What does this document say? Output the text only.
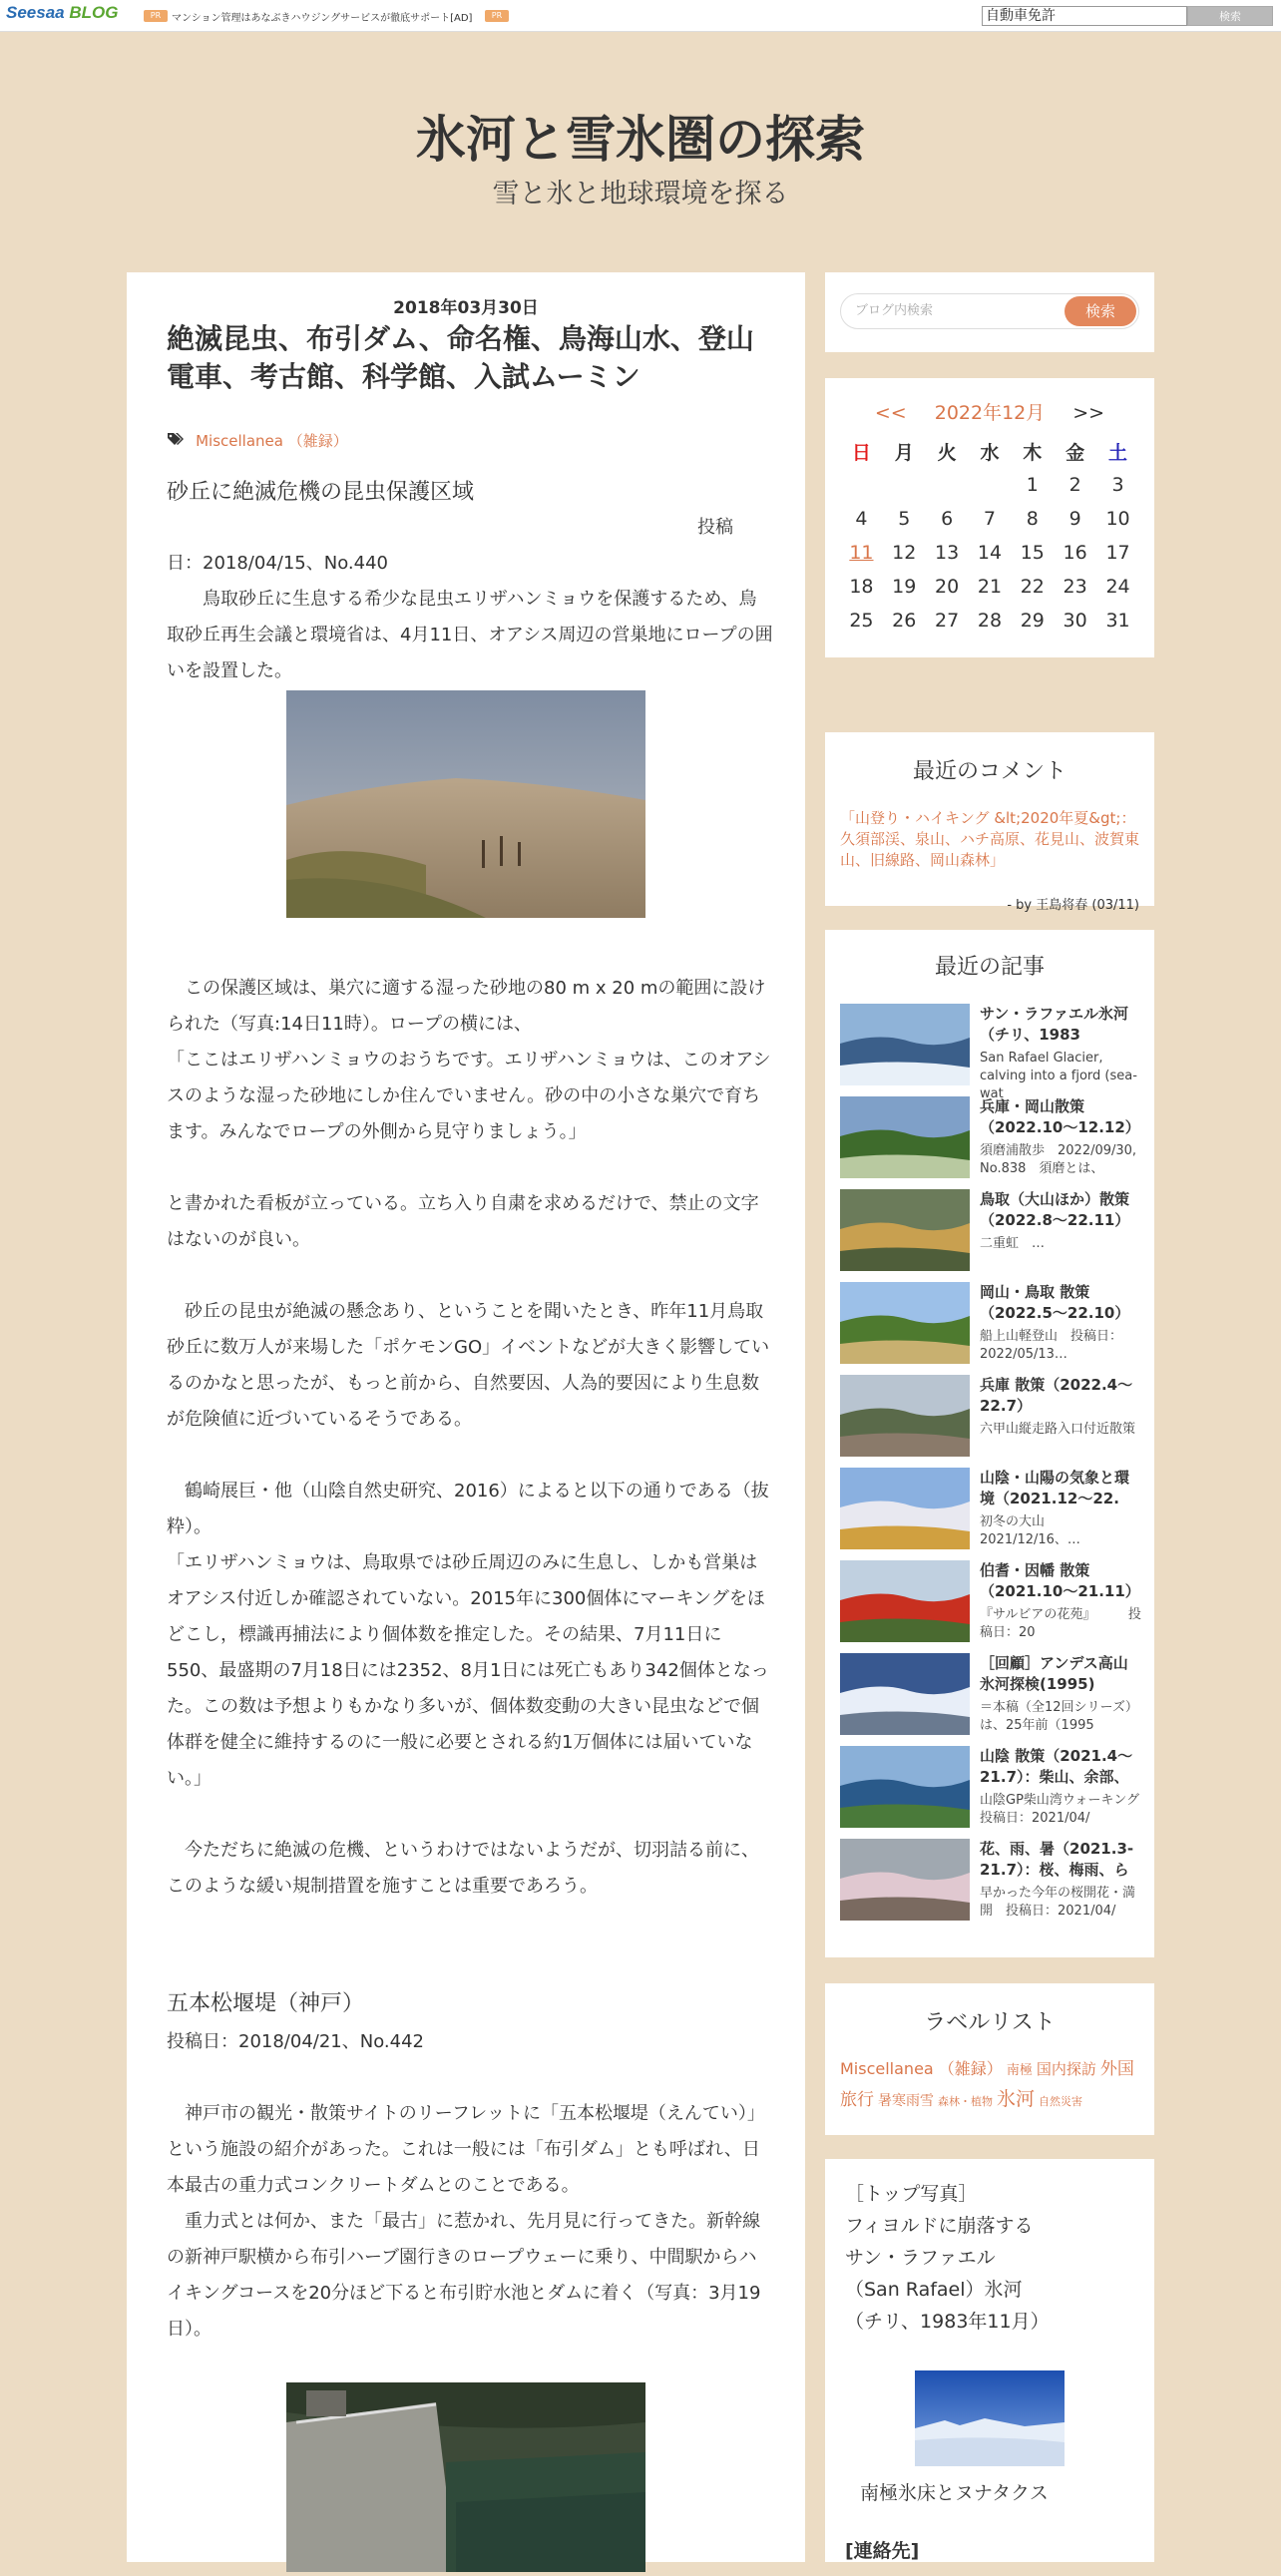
Seesaa BLOG	PR	マンション管理はあなぶきハウジングサービスが徹底サポート[AD]	PR	自動車免許	検索
氷河と雪氷圏の探索
雪と氷と地球環境を探る
2018年03月30日
絶滅昆虫、布引ダム、命名権、鳥海山水、登山電車、考古館、科学館、入試ムーミン
Miscellanea （雑録）
砂丘に絶滅危機の昆虫保護区域
投稿
日：2018/04/15、No.440
鳥取砂丘に生息する希少な昆虫エリザハンミョウを保護するため、鳥取砂丘再生会議と環境省は、4月11日、オアシス周辺の営巣地にロープの囲いを設置した。
この保護区域は、巣穴に適する湿った砂地の80 m x 20 mの範囲に設けられた（写真:14日11時）。ロープの横には、
「ここはエリザハンミョウのおうちです。エリザハンミョウは、このオアシスのような湿った砂地にしか住んでいません。砂の中の小さな巣穴で育ちます。みんなでロープの外側から見守りましょう。」
と書かれた看板が立っている。立ち入り自粛を求めるだけで、禁止の文字はないのが良い。
砂丘の昆虫が絶滅の懸念あり、ということを聞いたとき、昨年11月鳥取砂丘に数万人が来場した「ポケモンGO」イベントなどが大きく影響しているのかなと思ったが、もっと前から、自然要因、人為的要因により生息数が危険値に近づいているそうである。
鶴崎展巨・他（山陰自然史研究、2016）によると以下の通りである（抜粋）。
「エリザハンミョウは、鳥取県では砂丘周辺のみに生息し、しかも営巣はオアシス付近しか確認されていない。2015年に300個体にマーキングをほどこし，標識再捕法により個体数を推定した。その結果、7月11日に550、最盛期の7月18日には2352、8月1日には死亡もあり342個体となった。この数は予想よりもかなり多いが、個体数変動の大きい昆虫などで個体群を健全に維持するのに一般に必要とされる約1万個体には届いていない。」
今ただちに絶滅の危機、というわけではないようだが、切羽詰る前に、このような緩い規制措置を施すことは重要であろう。
五本松堰堤（神戸）
投稿日：2018/04/21、No.442
神戸市の観光・散策サイトのリーフレットに「五本松堰堤（えんてい）」という施設の紹介があった。これは一般には「布引ダム」とも呼ばれ、日本最古の重力式コンクリートダムとのことである。
重力式とは何か、また「最古」に惹かれ、先月見に行ってきた。新幹線の新神戸駅横から布引ハーブ園行きのロープウェーに乗り、中間駅からハイキングコースを20分ほど下ると布引貯水池とダムに着く（写真：3月19日）。
ブログ内検索	検索
<< 2022年12月 >>
日	月	火	水	木	金	土
				1	2	3
4	5	6	7	8	9	10
11	12	13	14	15	16	17
18	19	20	21	22	23	24
25	26	27	28	29	30	31
最近のコメント
「山登り・ハイキング &lt;2020年夏&gt;：久須部渓、泉山、ハチ高原、花見山、波賀東山、旧線路、岡山森林」
- by 王島将春 (03/11)
最近の記事
サン・ラファエル氷河（チリ、1983
San Rafael Glacier, calving into a fjord (sea-wat
兵庫・岡山散策（2022.10～12.12）
須磨浦散歩　2022/09/30, No.838　須磨とは、
鳥取（大山ほか）散策（2022.8～22.11）
二重虹　…
岡山・鳥取 散策（2022.5～22.10）
船上山軽登山　投稿日：2022/05/13…
兵庫 散策（2022.4～22.7）
六甲山縦走路入口付近散策
山陰・山陽の気象と環境（2021.12～22.
初冬の大山　2021/12/16、…
伯耆・因幡 散策（2021.10～21.11）
『サルビアの花苑』　　　投稿日：20
［回顧］アンデス高山氷河探検(1995)
＝本稿（全12回シリーズ）は、25年前（1995
山陰 散策（2021.4～21.7）：柴山、余部、
山陰GP柴山湾ウォーキング　投稿日：2021/04/
花、雨、暑（2021.3-21.7）：桜、梅雨、ら
早かった今年の桜開花・満開　投稿日：2021/04/
ラベルリスト
Miscellanea （雑録） 南極 国内探訪 外国旅行 暑寒雨雪 森林・植物 氷河 自然災害
［トップ写真］
フィヨルドに崩落する
サン・ラファエル
（San Rafael）氷河
（チリ、1983年11月）
南極氷床とヌナタクス
[連絡先]
